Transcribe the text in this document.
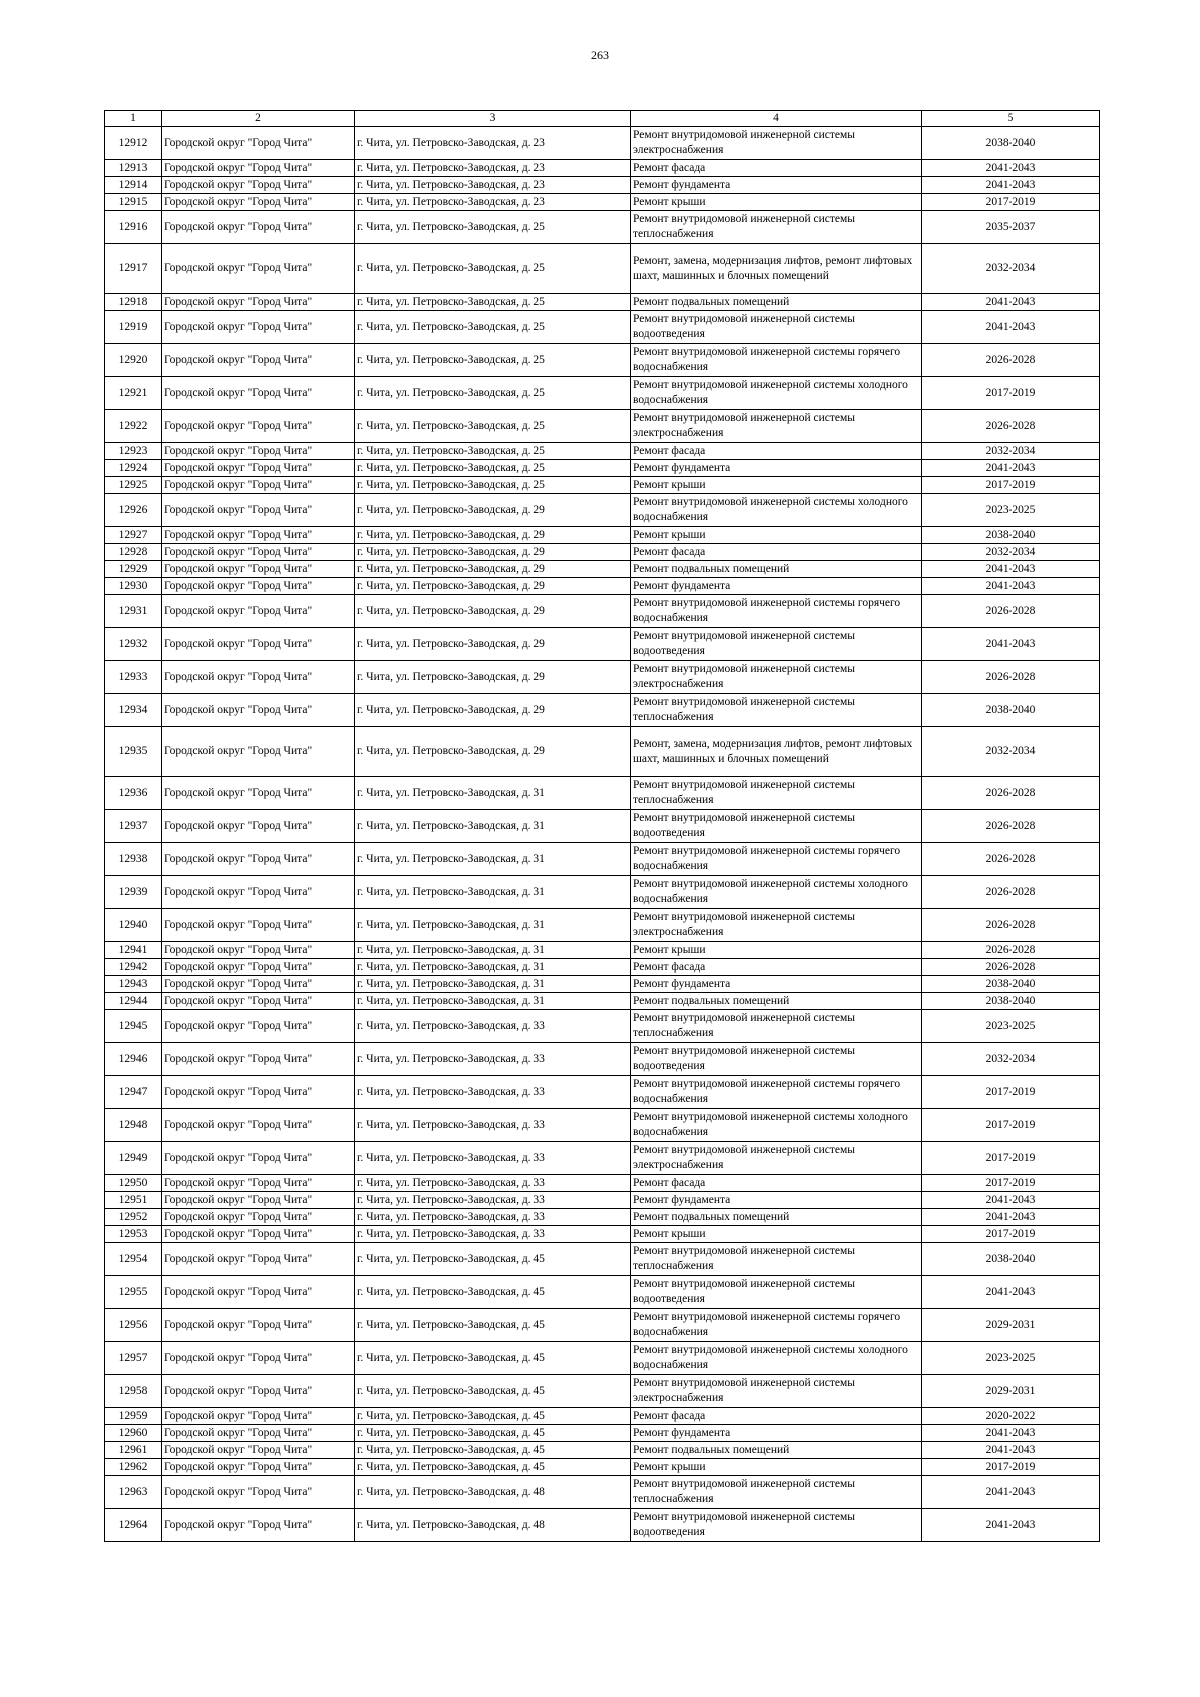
263
1	2	3	4	5
12912	Городской округ "Город Чита"	г. Чита, ул. Петровско-Заводская, д. 23	Ремонт внутридомовой инженерной системы электроснабжения	2038-2040
12913	Городской округ "Город Чита"	г. Чита, ул. Петровско-Заводская, д. 23	Ремонт фасада	2041-2043
12914	Городской округ "Город Чита"	г. Чита, ул. Петровско-Заводская, д. 23	Ремонт фундамента	2041-2043
12915	Городской округ "Город Чита"	г. Чита, ул. Петровско-Заводская, д. 23	Ремонт крыши	2017-2019
12916	Городской округ "Город Чита"	г. Чита, ул. Петровско-Заводская, д. 25	Ремонт внутридомовой инженерной системы теплоснабжения	2035-2037
12917	Городской округ "Город Чита"	г. Чита, ул. Петровско-Заводская, д. 25	Ремонт, замена, модернизация лифтов, ремонт лифтовых шахт, машинных и блочных помещений	2032-2034
12918	Городской округ "Город Чита"	г. Чита, ул. Петровско-Заводская, д. 25	Ремонт подвальных помещений	2041-2043
12919	Городской округ "Город Чита"	г. Чита, ул. Петровско-Заводская, д. 25	Ремонт внутридомовой инженерной системы водоотведения	2041-2043
12920	Городской округ "Город Чита"	г. Чита, ул. Петровско-Заводская, д. 25	Ремонт внутридомовой инженерной системы горячего водоснабжения	2026-2028
12921	Городской округ "Город Чита"	г. Чита, ул. Петровско-Заводская, д. 25	Ремонт внутридомовой инженерной системы холодного водоснабжения	2017-2019
12922	Городской округ "Город Чита"	г. Чита, ул. Петровско-Заводская, д. 25	Ремонт внутридомовой инженерной системы электроснабжения	2026-2028
12923	Городской округ "Город Чита"	г. Чита, ул. Петровско-Заводская, д. 25	Ремонт фасада	2032-2034
12924	Городской округ "Город Чита"	г. Чита, ул. Петровско-Заводская, д. 25	Ремонт фундамента	2041-2043
12925	Городской округ "Город Чита"	г. Чита, ул. Петровско-Заводская, д. 25	Ремонт крыши	2017-2019
12926	Городской округ "Город Чита"	г. Чита, ул. Петровско-Заводская, д. 29	Ремонт внутридомовой инженерной системы холодного водоснабжения	2023-2025
12927	Городской округ "Город Чита"	г. Чита, ул. Петровско-Заводская, д. 29	Ремонт крыши	2038-2040
12928	Городской округ "Город Чита"	г. Чита, ул. Петровско-Заводская, д. 29	Ремонт фасада	2032-2034
12929	Городской округ "Город Чита"	г. Чита, ул. Петровско-Заводская, д. 29	Ремонт подвальных помещений	2041-2043
12930	Городской округ "Город Чита"	г. Чита, ул. Петровско-Заводская, д. 29	Ремонт фундамента	2041-2043
12931	Городской округ "Город Чита"	г. Чита, ул. Петровско-Заводская, д. 29	Ремонт внутридомовой инженерной системы горячего водоснабжения	2026-2028
12932	Городской округ "Город Чита"	г. Чита, ул. Петровско-Заводская, д. 29	Ремонт внутридомовой инженерной системы водоотведения	2041-2043
12933	Городской округ "Город Чита"	г. Чита, ул. Петровско-Заводская, д. 29	Ремонт внутридомовой инженерной системы электроснабжения	2026-2028
12934	Городской округ "Город Чита"	г. Чита, ул. Петровско-Заводская, д. 29	Ремонт внутридомовой инженерной системы теплоснабжения	2038-2040
12935	Городской округ "Город Чита"	г. Чита, ул. Петровско-Заводская, д. 29	Ремонт, замена, модернизация лифтов, ремонт лифтовых шахт, машинных и блочных помещений	2032-2034
12936	Городской округ "Город Чита"	г. Чита, ул. Петровско-Заводская, д. 31	Ремонт внутридомовой инженерной системы теплоснабжения	2026-2028
12937	Городской округ "Город Чита"	г. Чита, ул. Петровско-Заводская, д. 31	Ремонт внутридомовой инженерной системы водоотведения	2026-2028
12938	Городской округ "Город Чита"	г. Чита, ул. Петровско-Заводская, д. 31	Ремонт внутридомовой инженерной системы горячего водоснабжения	2026-2028
12939	Городской округ "Город Чита"	г. Чита, ул. Петровско-Заводская, д. 31	Ремонт внутридомовой инженерной системы холодного водоснабжения	2026-2028
12940	Городской округ "Город Чита"	г. Чита, ул. Петровско-Заводская, д. 31	Ремонт внутридомовой инженерной системы электроснабжения	2026-2028
12941	Городской округ "Город Чита"	г. Чита, ул. Петровско-Заводская, д. 31	Ремонт крыши	2026-2028
12942	Городской округ "Город Чита"	г. Чита, ул. Петровско-Заводская, д. 31	Ремонт фасада	2026-2028
12943	Городской округ "Город Чита"	г. Чита, ул. Петровско-Заводская, д. 31	Ремонт фундамента	2038-2040
12944	Городской округ "Город Чита"	г. Чита, ул. Петровско-Заводская, д. 31	Ремонт подвальных помещений	2038-2040
12945	Городской округ "Город Чита"	г. Чита, ул. Петровско-Заводская, д. 33	Ремонт внутридомовой инженерной системы теплоснабжения	2023-2025
12946	Городской округ "Город Чита"	г. Чита, ул. Петровско-Заводская, д. 33	Ремонт внутридомовой инженерной системы водоотведения	2032-2034
12947	Городской округ "Город Чита"	г. Чита, ул. Петровско-Заводская, д. 33	Ремонт внутридомовой инженерной системы горячего водоснабжения	2017-2019
12948	Городской округ "Город Чита"	г. Чита, ул. Петровско-Заводская, д. 33	Ремонт внутридомовой инженерной системы холодного водоснабжения	2017-2019
12949	Городской округ "Город Чита"	г. Чита, ул. Петровско-Заводская, д. 33	Ремонт внутридомовой инженерной системы электроснабжения	2017-2019
12950	Городской округ "Город Чита"	г. Чита, ул. Петровско-Заводская, д. 33	Ремонт фасада	2017-2019
12951	Городской округ "Город Чита"	г. Чита, ул. Петровско-Заводская, д. 33	Ремонт фундамента	2041-2043
12952	Городской округ "Город Чита"	г. Чита, ул. Петровско-Заводская, д. 33	Ремонт подвальных помещений	2041-2043
12953	Городской округ "Город Чита"	г. Чита, ул. Петровско-Заводская, д. 33	Ремонт крыши	2017-2019
12954	Городской округ "Город Чита"	г. Чита, ул. Петровско-Заводская, д. 45	Ремонт внутридомовой инженерной системы теплоснабжения	2038-2040
12955	Городской округ "Город Чита"	г. Чита, ул. Петровско-Заводская, д. 45	Ремонт внутридомовой инженерной системы водоотведения	2041-2043
12956	Городской округ "Город Чита"	г. Чита, ул. Петровско-Заводская, д. 45	Ремонт внутридомовой инженерной системы горячего водоснабжения	2029-2031
12957	Городской округ "Город Чита"	г. Чита, ул. Петровско-Заводская, д. 45	Ремонт внутридомовой инженерной системы холодного водоснабжения	2023-2025
12958	Городской округ "Город Чита"	г. Чита, ул. Петровско-Заводская, д. 45	Ремонт внутридомовой инженерной системы электроснабжения	2029-2031
12959	Городской округ "Город Чита"	г. Чита, ул. Петровско-Заводская, д. 45	Ремонт фасада	2020-2022
12960	Городской округ "Город Чита"	г. Чита, ул. Петровско-Заводская, д. 45	Ремонт фундамента	2041-2043
12961	Городской округ "Город Чита"	г. Чита, ул. Петровско-Заводская, д. 45	Ремонт подвальных помещений	2041-2043
12962	Городской округ "Город Чита"	г. Чита, ул. Петровско-Заводская, д. 45	Ремонт крыши	2017-2019
12963	Городской округ "Город Чита"	г. Чита, ул. Петровско-Заводская, д. 48	Ремонт внутридомовой инженерной системы теплоснабжения	2041-2043
12964	Городской округ "Город Чита"	г. Чита, ул. Петровско-Заводская, д. 48	Ремонт внутридомовой инженерной системы водоотведения	2041-2043
